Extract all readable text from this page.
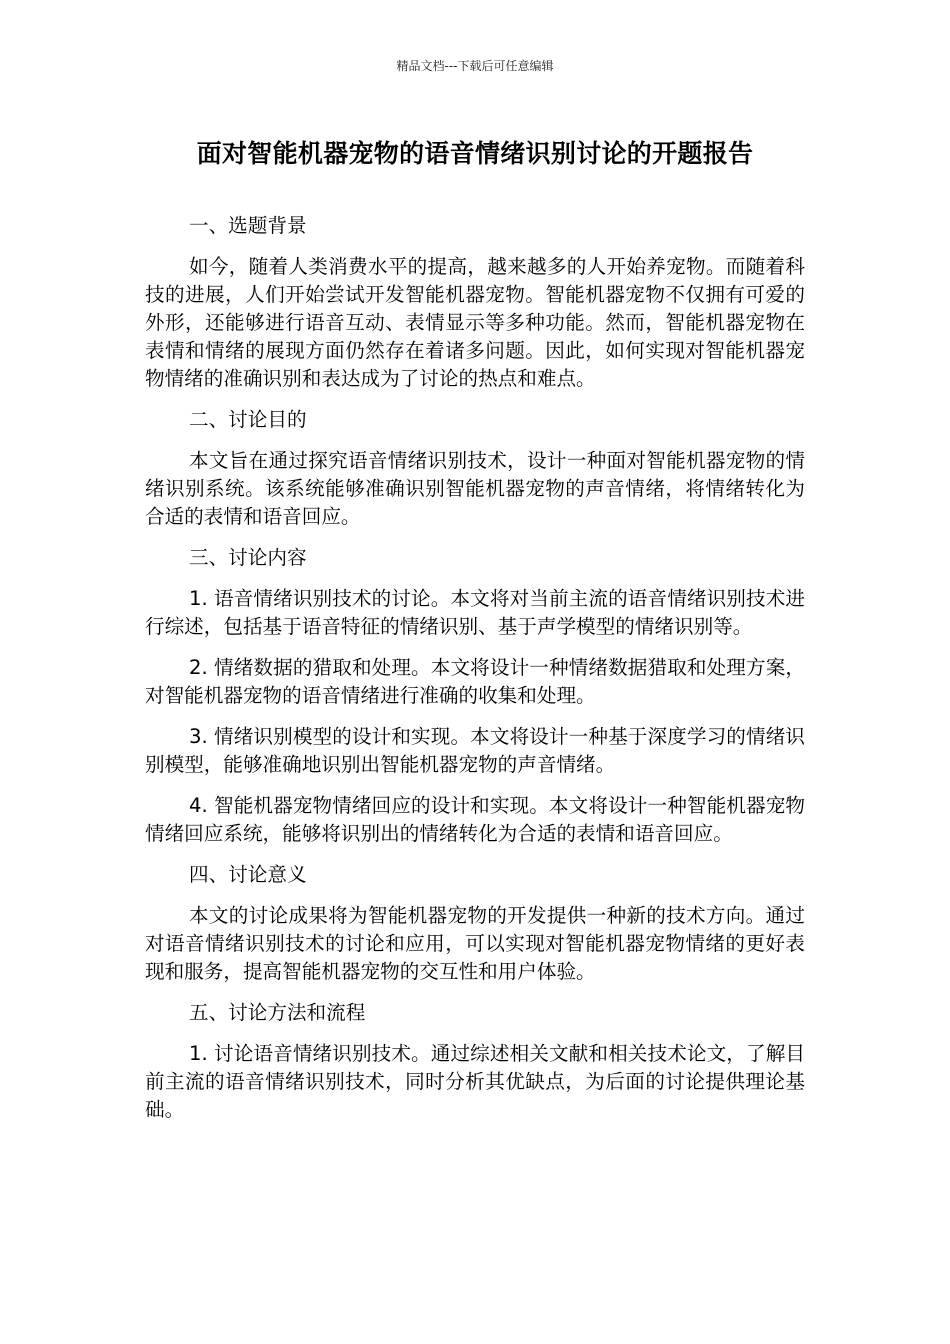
精品文档---下载后可任意编辑
面对智能机器宠物的语音情绪识别讨论的开题报告

一、选题背景

如今，随着人类消费水平的提高，越来越多的人开始养宠物。而随着科技的进展，人们开始尝试开发智能机器宠物。智能机器宠物不仅拥有可爱的外形，还能够进行语音互动、表情显示等多种功能。然而，智能机器宠物在表情和情绪的展现方面仍然存在着诸多问题。因此，如何实现对智能机器宠物情绪的准确识别和表达成为了讨论的热点和难点。

二、讨论目的

本文旨在通过探究语音情绪识别技术，设计一种面对智能机器宠物的情绪识别系统。该系统能够准确识别智能机器宠物的声音情绪，将情绪转化为合适的表情和语音回应。

三、讨论内容

1. 语音情绪识别技术的讨论。本文将对当前主流的语音情绪识别技术进行综述，包括基于语音特征的情绪识别、基于声学模型的情绪识别等。

2. 情绪数据的猎取和处理。本文将设计一种情绪数据猎取和处理方案，对智能机器宠物的语音情绪进行准确的收集和处理。

3. 情绪识别模型的设计和实现。本文将设计一种基于深度学习的情绪识别模型，能够准确地识别出智能机器宠物的声音情绪。

4. 智能机器宠物情绪回应的设计和实现。本文将设计一种智能机器宠物情绪回应系统，能够将识别出的情绪转化为合适的表情和语音回应。

四、讨论意义

本文的讨论成果将为智能机器宠物的开发提供一种新的技术方向。通过对语音情绪识别技术的讨论和应用，可以实现对智能机器宠物情绪的更好表现和服务，提高智能机器宠物的交互性和用户体验。

五、讨论方法和流程

1. 讨论语音情绪识别技术。通过综述相关文献和相关技术论文，了解目前主流的语音情绪识别技术，同时分析其优缺点，为后面的讨论提供理论基础。
